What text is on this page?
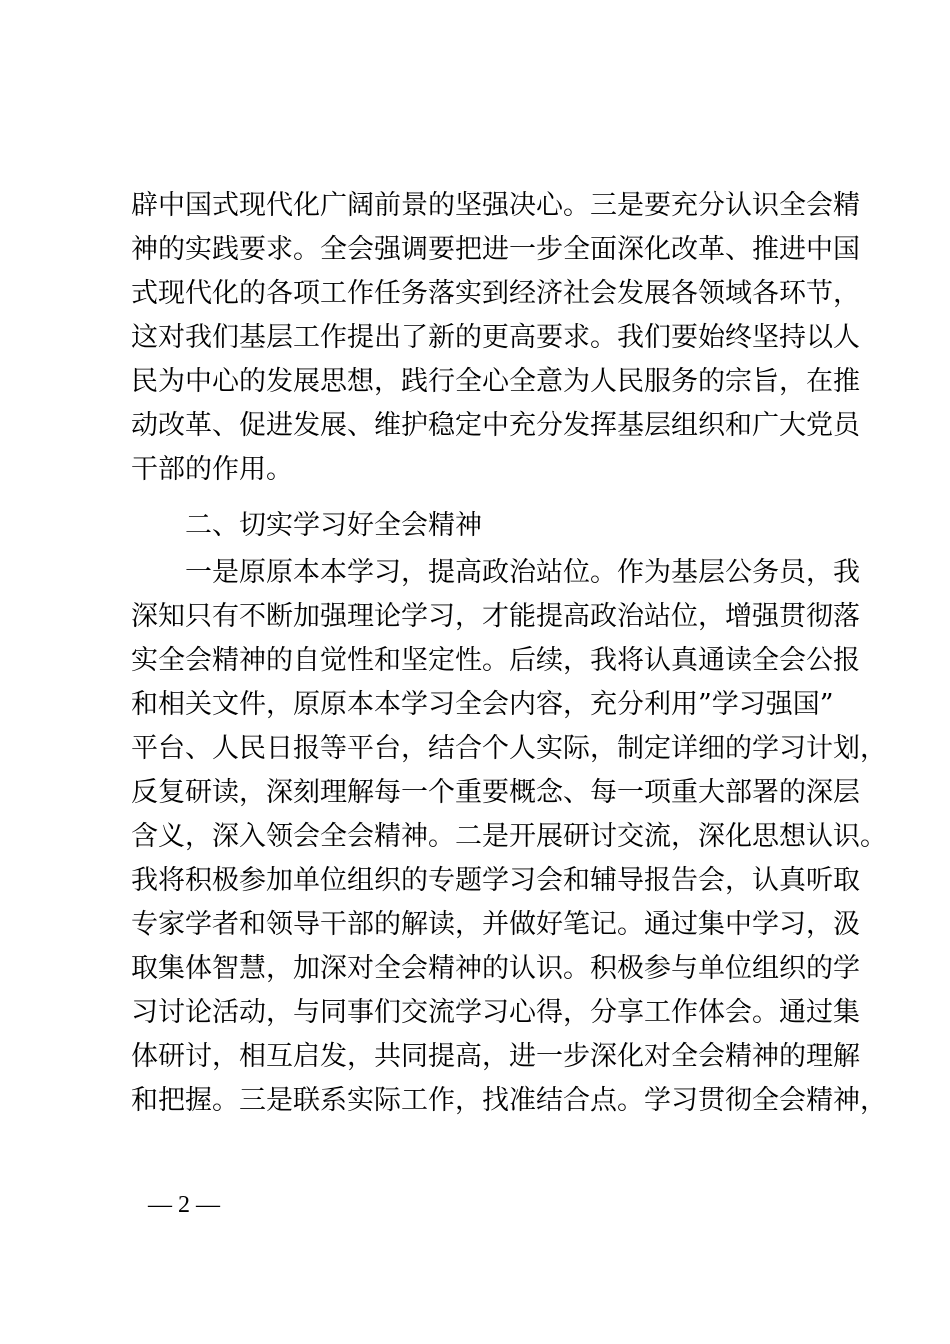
辟中国式现代化广阔前景的坚强决心。三是要充分认识全会精
神的实践要求。全会强调要把进一步全面深化改革、推进中国
式现代化的各项工作任务落实到经济社会发展各领域各环节，
这对我们基层工作提出了新的更高要求。我们要始终坚持以人
民为中心的发展思想，践行全心全意为人民服务的宗旨，在推
动改革、促进发展、维护稳定中充分发挥基层组织和广大党员
干部的作用。
二、切实学习好全会精神
一是原原本本学习，提高政治站位。作为基层公务员，我
深知只有不断加强理论学习，才能提高政治站位，增强贯彻落
实全会精神的自觉性和坚定性。后续，我将认真通读全会公报
和相关文件，原原本本学习全会内容，充分利用”学习强国”
平台、人民日报等平台，结合个人实际，制定详细的学习计划，
反复研读，深刻理解每一个重要概念、每一项重大部署的深层
含义，深入领会全会精神。二是开展研讨交流，深化思想认识。
我将积极参加单位组织的专题学习会和辅导报告会，认真听取
专家学者和领导干部的解读，并做好笔记。通过集中学习，汲
取集体智慧，加深对全会精神的认识。积极参与单位组织的学
习讨论活动，与同事们交流学习心得，分享工作体会。通过集
体研讨，相互启发，共同提高，进一步深化对全会精神的理解
和把握。三是联系实际工作，找准结合点。学习贯彻全会精神，
— 2 —
